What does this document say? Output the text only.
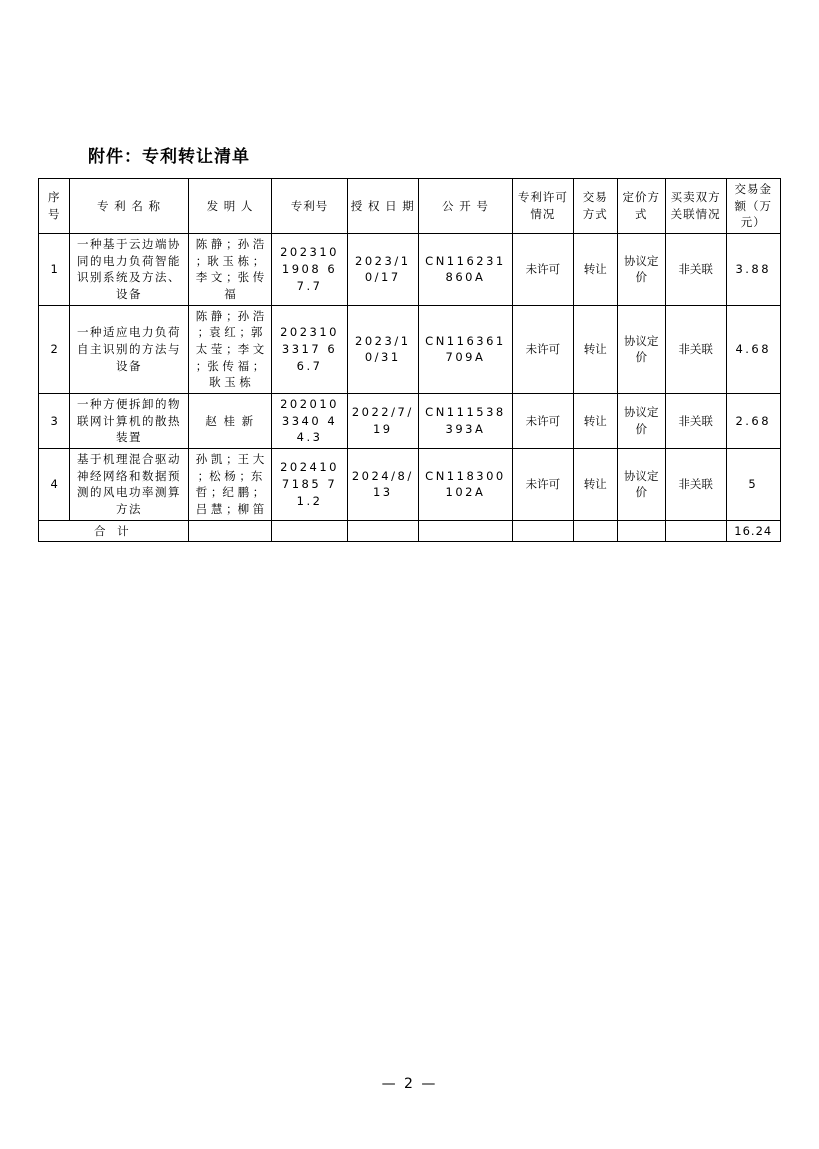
附件：专利转让清单
序号	专 利 名 称	发 明 人	专利号	授 权 日 期	公 开 号	专利许可情况	交易方式	定价方式	买卖双方关联情况	交易金额（万元）
1	一种基于云边端协同的电力负荷智能识别系统及方法、设备	陈 静 ；孙 浩 ；耿 玉 栋 ；李 文 ；张 传 福	2023101908 67.7	2023/10/17	CN116231860A	未许可	转让	协议定价	非关联	3.88
2	一种适应电力负荷自主识别的方法与设备	陈 静 ；孙 浩 ；袁 红 ；郭 太 莹 ；李 文 ；张 传 福 ；耿 玉 栋	2023103317 66.7	2023/10/31	CN116361709A	未许可	转让	协议定价	非关联	4.68
3	一种方便拆卸的物联网计算机的散热装置	赵 桂 新	2020103340 44.3	2022/7/19	CN111538393A	未许可	转让	协议定价	非关联	2.68
4	基于机理混合驱动神经网络和数据预测的风电功率测算方法	孙 凯 ；王 大 ；松 杨 ；东 哲 ；纪 鹏 ；吕 慧 ；柳 笛	2024107185 71.2	2024/8/13	CN118300102A	未许可	转让	协议定价	非关联	5
合 计										16.24
— 2 —
